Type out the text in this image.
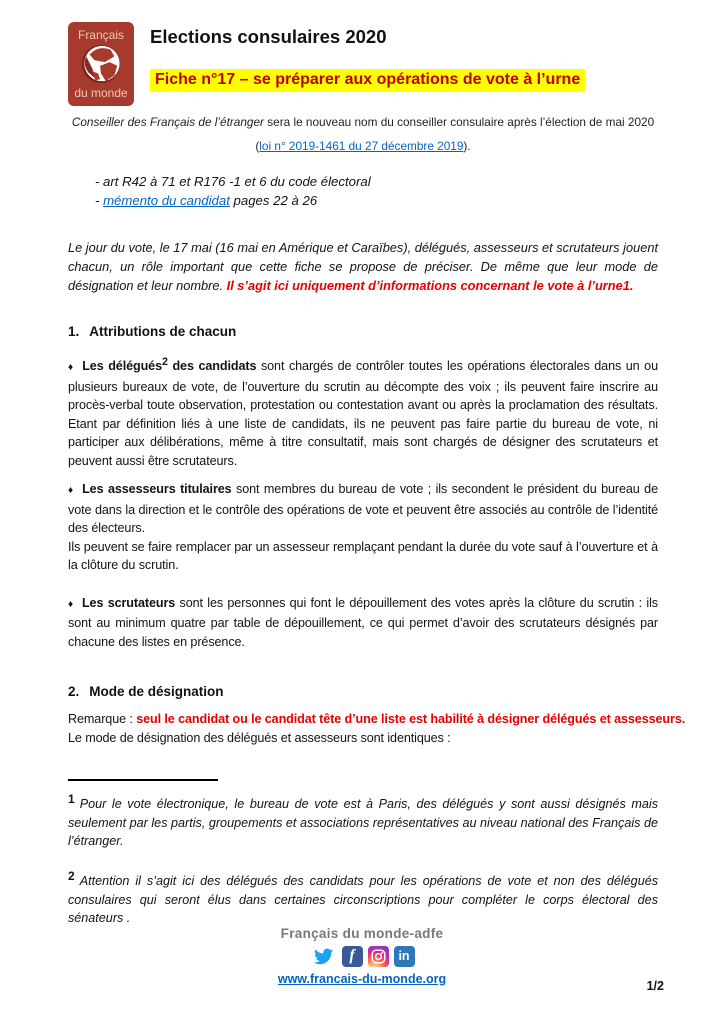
Français
du monde
Elections consulaires 2020
Fiche n°17 – se préparer aux opérations de vote à l’urne
Conseiller des Français de l’étranger sera le nouveau nom du conseiller consulaire après l’élection de mai 2020
(loi n° 2019-1461 du 27 décembre 2019).
- art R42 à 71 et R176 -1 et 6 du code électoral
- mémento du candidat pages 22 à 26

Le jour du vote, le 17 mai (16 mai en Amérique et Caraïbes), délégués, assesseurs et scrutateurs jouent chacun, un rôle important que cette fiche se propose de préciser. De même que leur mode de désignation et leur nombre. Il s’agit ici uniquement d’informations concernant le vote à l’urne1.

1. Attributions de chacun

♦ Les délégués$^2$ des candidats sont chargés de contrôler toutes les opérations électorales dans un ou plusieurs bureaux de vote, de l’ouverture du scrutin au décompte des voix ; ils peuvent faire inscrire au procès-verbal toute observation, protestation ou contestation avant ou après la proclamation des résultats. Etant par définition liés à une liste de candidats, ils ne peuvent pas faire partie du bureau de vote, ni participer aux délibérations, même à titre consultatif, mais sont chargés de désigner des scrutateurs et peuvent aussi être scrutateurs.

♦ Les assesseurs titulaires sont membres du bureau de vote ; ils secondent le président du bureau de vote dans la direction et le contrôle des opérations de vote et peuvent être associés au contrôle de l’identité des électeurs.
Ils peuvent se faire remplacer par un assesseur remplaçant pendant la durée du vote sauf à l’ouverture et à la clôture du scrutin.

♦ Les scrutateurs sont les personnes qui font le dépouillement des votes après la clôture du scrutin : ils sont au minimum quatre par table de dépouillement, ce qui permet d’avoir des scrutateurs désignés par chacune des listes en présence.

2. Mode de désignation

Remarque : seul le candidat ou le candidat tête d’une liste est habilité à désigner délégués et assesseurs.
Le mode de désignation des délégués et assesseurs sont identiques :

$^1$ Pour le vote électronique, le bureau de vote est à Paris, des délégués y sont aussi désignés mais seulement par les partis, groupements et associations représentatives au niveau national des Français de l’étranger.

$^2$ Attention il s’agit ici des délégués des candidats pour les opérations de vote et non des délégués consulaires qui seront élus dans certaines circonscriptions pour compléter le corps électoral des sénateurs .

Français du monde-adfe
f	in
www.francais-du-monde.org	1/2
